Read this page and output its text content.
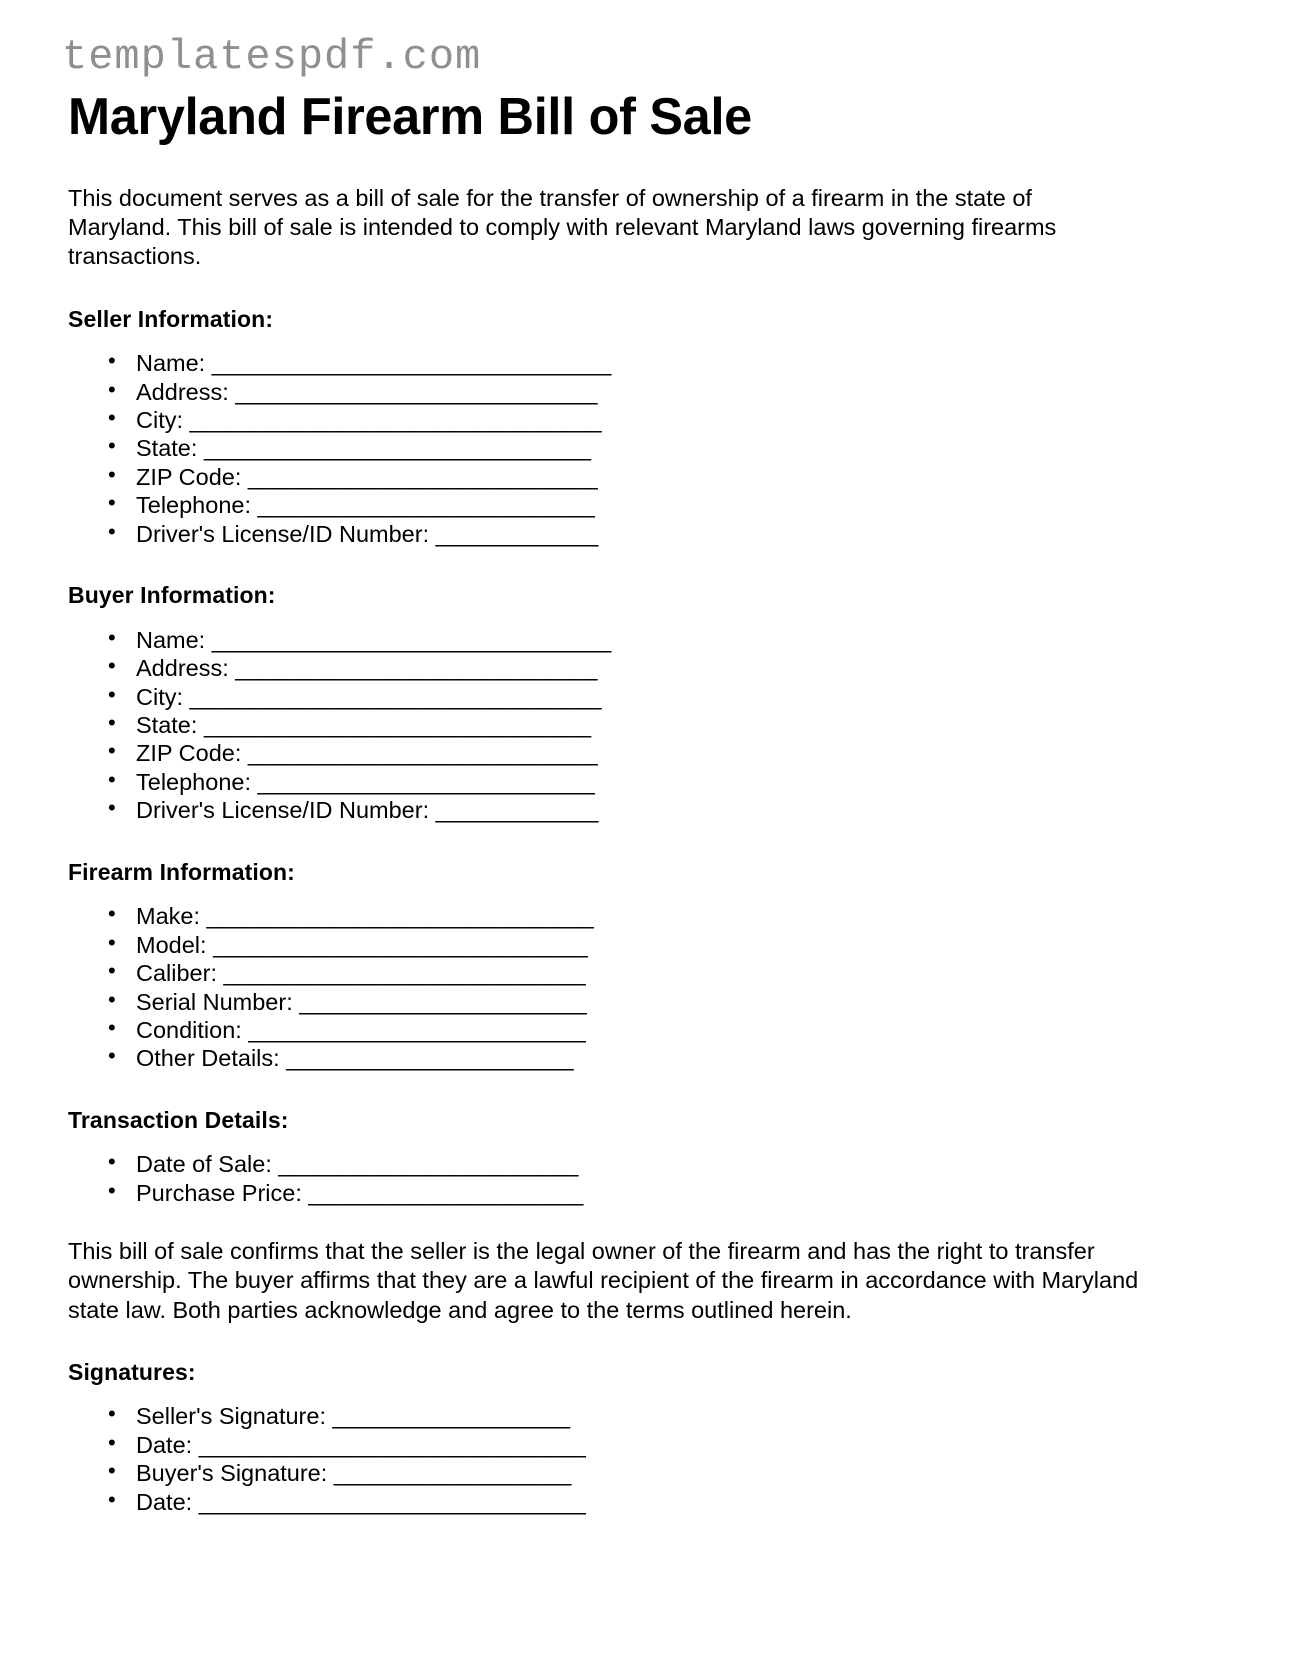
templatespdf.com
Maryland Firearm Bill of Sale

This document serves as a bill of sale for the transfer of ownership of a firearm in the state of Maryland. This bill of sale is intended to comply with relevant Maryland laws governing firearms transactions.

Seller Information:
• Name: ________________________________
• Address: _____________________________
• City: _________________________________
• State: _______________________________
• ZIP Code: ____________________________
• Telephone: ___________________________
• Driver's License/ID Number: _____________
Buyer Information:
• Name: ________________________________
• Address: _____________________________
• City: _________________________________
• State: _______________________________
• ZIP Code: ____________________________
• Telephone: ___________________________
• Driver's License/ID Number: _____________
Firearm Information:
• Make: _______________________________
• Model: ______________________________
• Caliber: _____________________________
• Serial Number: _______________________
• Condition: ___________________________
• Other Details: _______________________
Transaction Details:
• Date of Sale: ________________________
• Purchase Price: ______________________

This bill of sale confirms that the seller is the legal owner of the firearm and has the right to transfer ownership. The buyer affirms that they are a lawful recipient of the firearm in accordance with Maryland state law. Both parties acknowledge and agree to the terms outlined herein.

Signatures:
• Seller's Signature: ___________________
• Date: _______________________________
• Buyer's Signature: ___________________
• Date: _______________________________
